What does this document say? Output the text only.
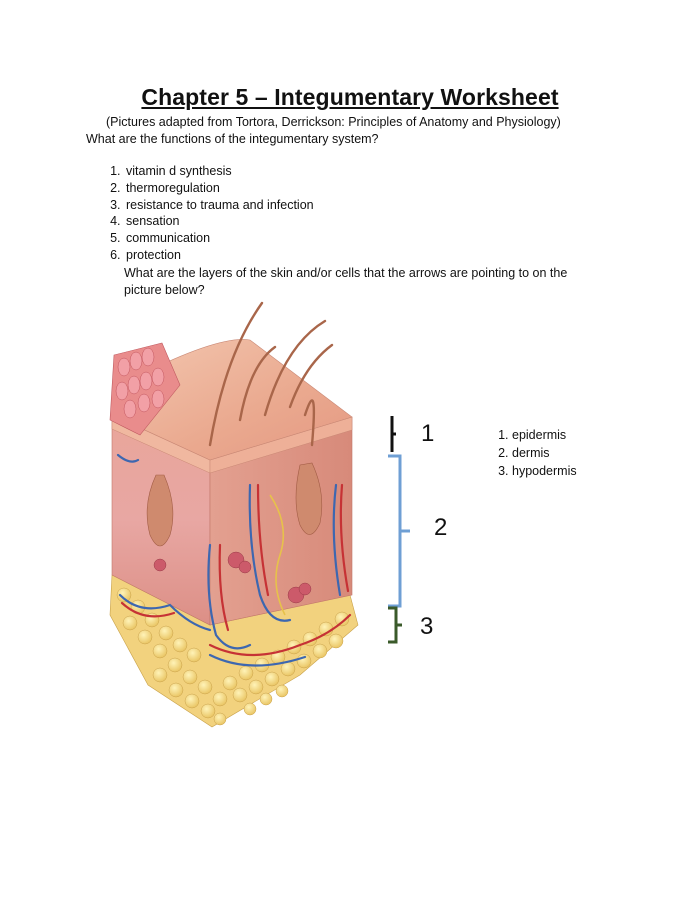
Chapter 5 – Integumentary Worksheet
(Pictures adapted from Tortora, Derrickson: Principles of Anatomy and Physiology)
What are the functions of the integumentary system?
1. vitamin d synthesis
2. thermoregulation
3. resistance to trauma and infection
4. sensation
5. communication
6. protection
What are the layers of the skin and/or cells that the arrows are pointing to on the picture below?
1
2
3
1. epidermis
2. dermis
3. hypodermis
